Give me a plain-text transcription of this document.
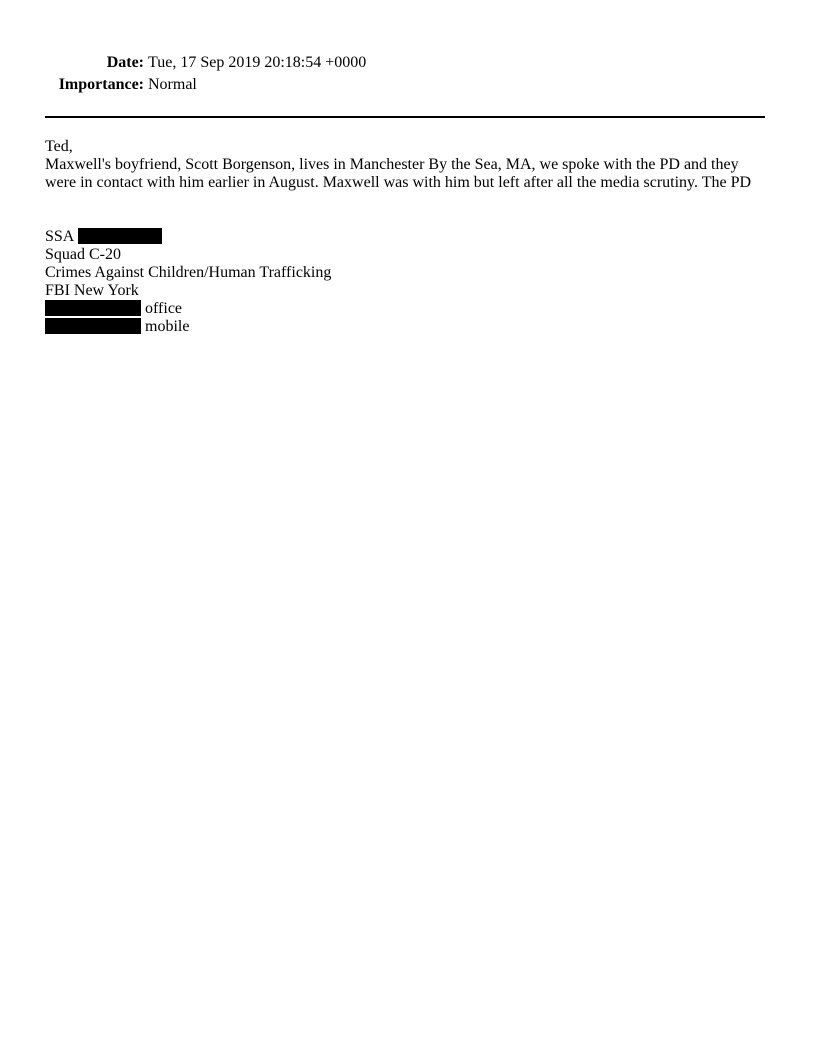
Date:	Tue, 17 Sep 2019 20:18:54 +0000
Importance:	Normal

Ted,

Maxwell's boyfriend, Scott Borgenson, lives in Manchester By the Sea, MA, we spoke with the PD and they

were in contact with him earlier in August. Maxwell was with him but left after all the media scrutiny. The PD

SSA

Squad C-20

Crimes Against Children/Human Trafficking

FBI New York

office

mobile
